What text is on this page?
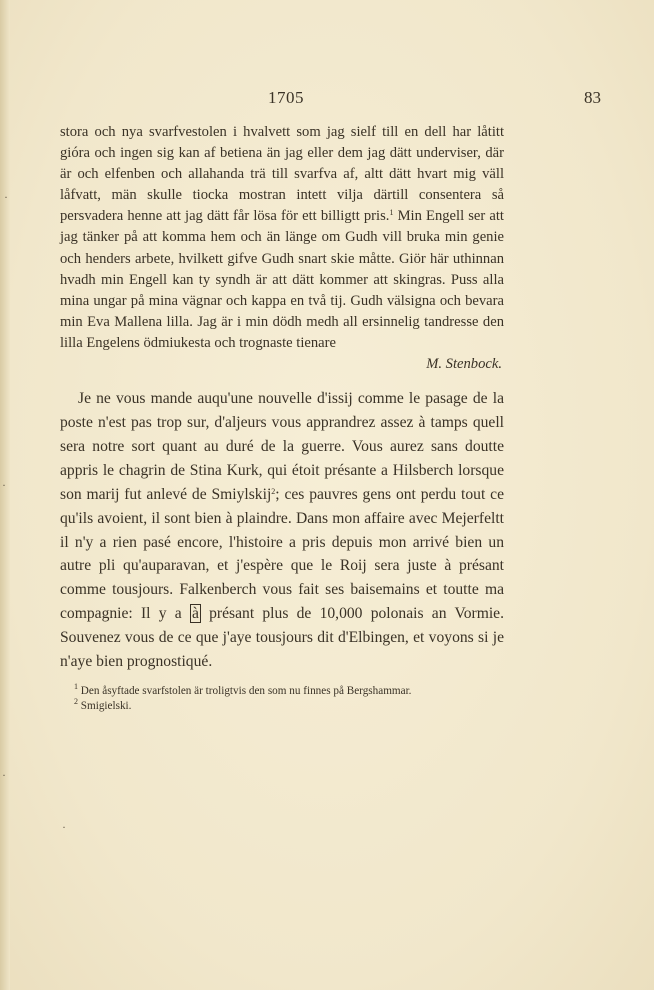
1705	83

stora och nya svarfvestolen i hvalvett som jag sielf till en dell har låtitt gióra och ingen sig kan af betiena än jag eller dem jag dätt underviser, där är och elfenben och allahanda trä till svarfva af, altt dätt hvart mig väll låfvatt, män skulle tiocka mostran intett vilja därtill consentera så persvadera henne att jag dätt får lösa för ett billigtt pris.$^1$ Min Engell ser att jag tänker på att komma hem och än länge om Gudh vill bruka min genie och henders arbete, hvilkett gifve Gudh snart skie måtte. Giör här uthinnan hvadh min Engell kan ty syndh är att dätt kommer att skingras. Puss alla mina ungar på mina vägnar och kappa en två tij. Gudh välsigna och bevara min Eva Mallena lilla. Jag är i min dödh medh all ersinnelig tandresse den lilla Engelens ödmiukesta och trognaste tienare

M. Stenbock.

Je ne vous mande auqu'une nouvelle d'issij comme le pasage de la poste n'est pas trop sur, d'aljeurs vous apprandrez assez à tamps quell sera notre sort quant au duré de la guerre. Vous aurez sans doutte appris le chagrin de Stina Kurk, qui étoit présante a Hilsberch lorsque son marij fut anlevé de Smiylskij$^2$; ces pauvres gens ont perdu tout ce qu'ils avoient, il sont bien à plaindre. Dans mon affaire avec Mejerfeltt il n'y a rien pasé encore, l'histoire a pris depuis mon arrivé bien un autre pli qu'auparavan, et j'espère que le Roij sera juste à présant comme tousjours. Falkenberch vous fait ses baisemains et toutte ma compagnie: Il y a à présant plus de 10,000 polonais an Vormie. Souvenez vous de ce que j'aye tousjours dit d'Elbingen, et voyons si je n'aye bien prognostiqué.

$^1$ Den åsyftade svarfstolen är troligtvis den som nu finnes på Bergshammar.

$^2$ Smigielski.

·
·
·
·
